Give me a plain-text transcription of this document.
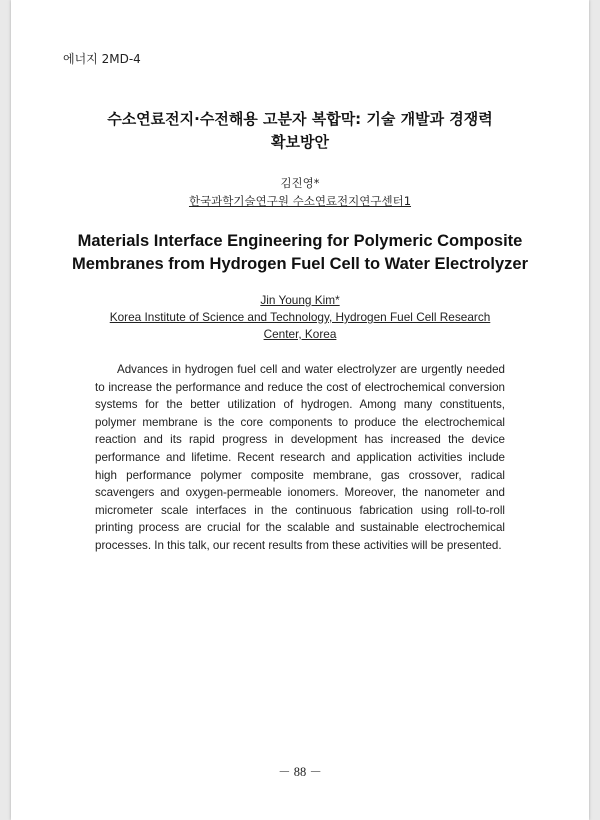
에너지 2MD-4
수소연료전지·수전해용 고분자 복합막: 기술 개발과 경쟁력
확보방안
김진영*
한국과학기술연구원 수소연료전지연구센터1
Materials Interface Engineering for Polymeric Composite
Membranes from Hydrogen Fuel Cell to Water Electrolyzer
Jin Young Kim*
Korea Institute of Science and Technology, Hydrogen Fuel Cell Research
Center, Korea

Advances in hydrogen fuel cell and water electrolyzer are urgently needed to increase the performance and reduce the cost of electrochemical conversion systems for the better utilization of hydrogen. Among many constituents, polymer membrane is the core components to produce the electrochemical reaction and its rapid progress in development has increased the device performance and lifetime. Recent research and application activities include high performance polymer composite membrane, gas crossover, radical scavengers and oxygen-permeable ionomers. Moreover, the nanometer and micrometer scale interfaces in the continuous fabrication using roll-to-roll printing process are crucial for the scalable and sustainable electrochemical processes. In this talk, our recent results from these activities will be presented.

－ 88 －
